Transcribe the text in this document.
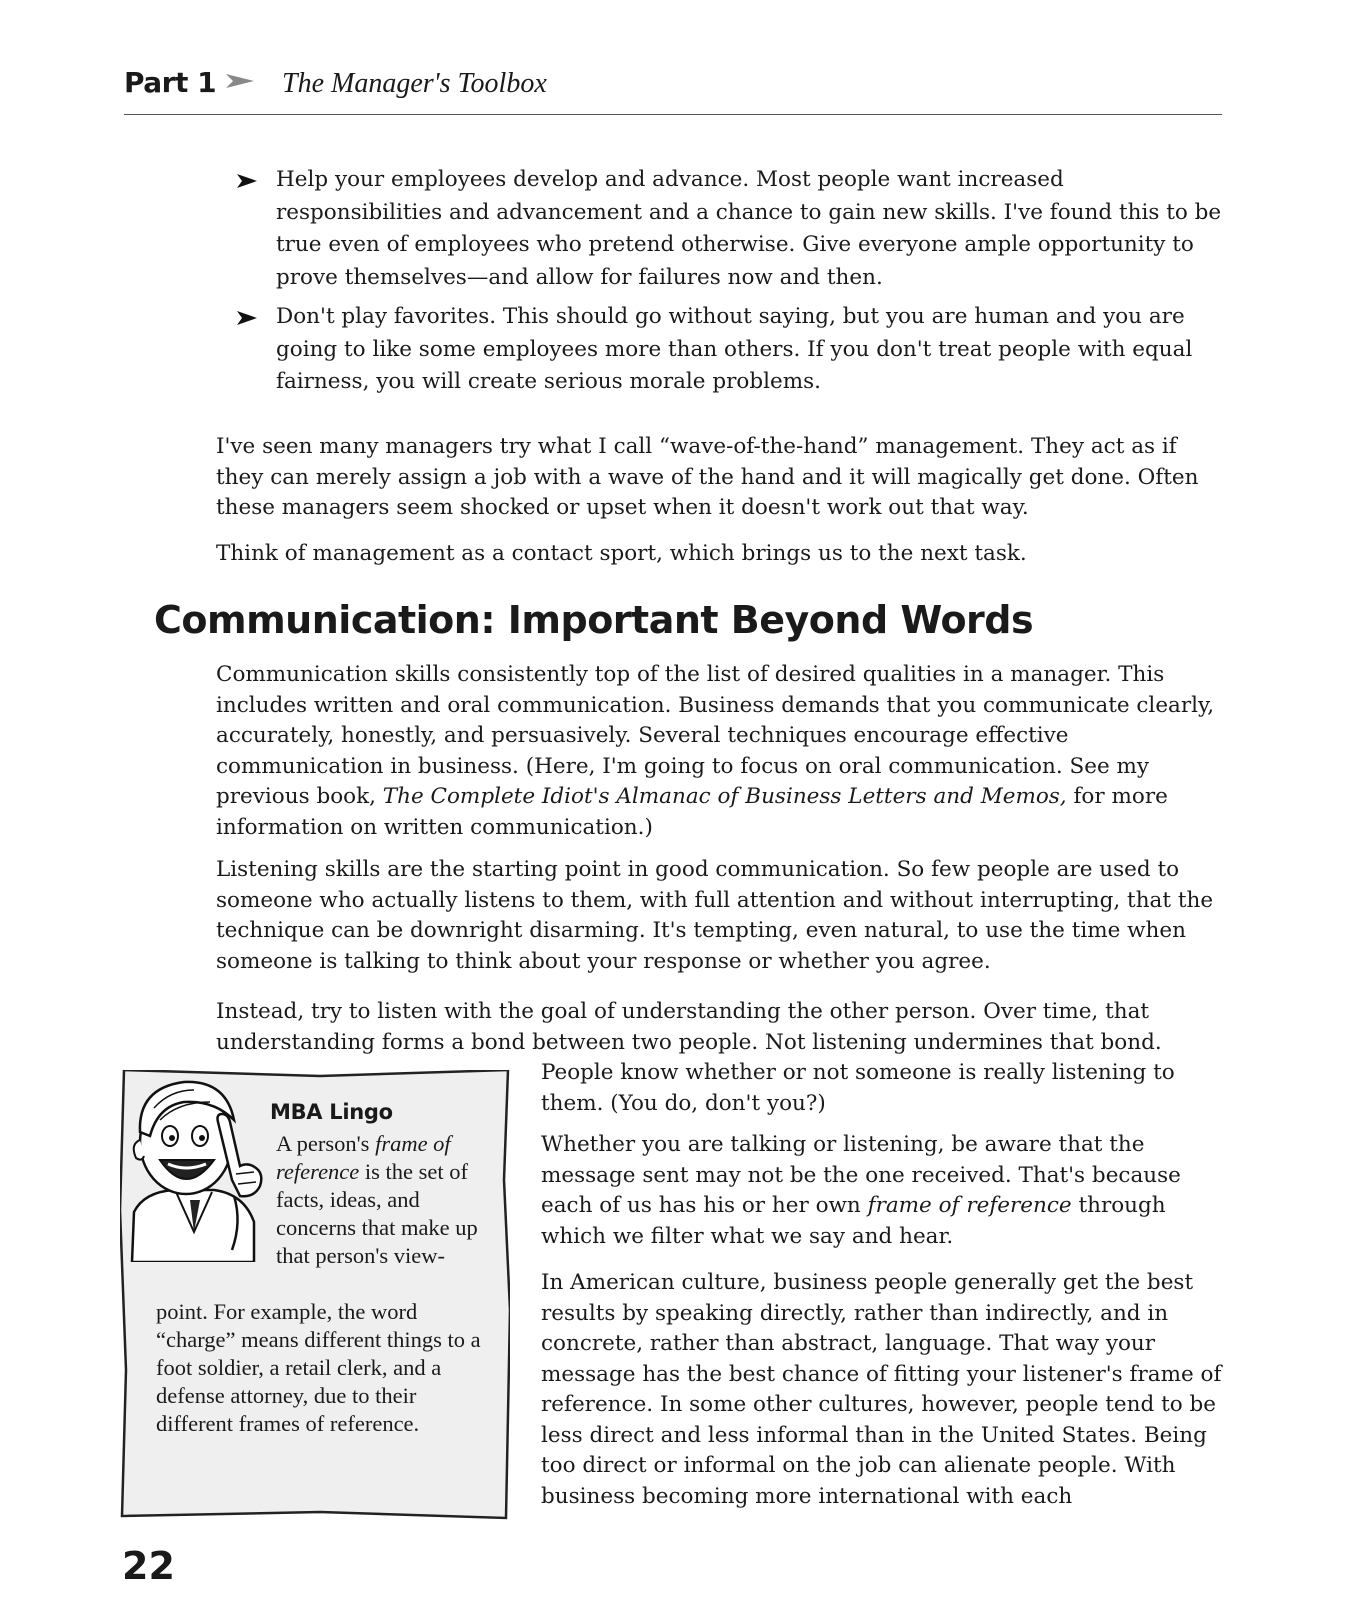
Part 1 The Manager's Toolbox
Help your employees develop and advance. Most people want increased responsibilities and advancement and a chance to gain new skills. I've found this to be true even of employees who pretend otherwise. Give everyone ample opportunity to prove themselves—and allow for failures now and then.
Don't play favorites. This should go without saying, but you are human and you are going to like some employees more than others. If you don't treat people with equal fairness, you will create serious morale problems.

I've seen many managers try what I call “wave-of-the-hand” management. They act as if they can merely assign a job with a wave of the hand and it will magically get done. Often these managers seem shocked or upset when it doesn't work out that way.

Think of management as a contact sport, which brings us to the next task.

Communication: Important Beyond Words

Communication skills consistently top of the list of desired qualities in a manager. This includes written and oral communication. Business demands that you communicate clearly, accurately, honestly, and persuasively. Several techniques encourage effective communication in business. (Here, I'm going to focus on oral communication. See my previous book, The Complete Idiot's Almanac of Business Letters and Memos, for more information on written communication.)

Listening skills are the starting point in good communication. So few people are used to someone who actually listens to them, with full attention and without interrupting, that the technique can be downright disarming. It's tempting, even natural, to use the time when someone is talking to think about your response or whether you agree.

Instead, try to listen with the goal of understanding the other person. Over time, that understanding forms a bond between two people. Not listening undermines that bond.

People know whether or not someone is really listening to them. (You do, don't you?)

Whether you are talking or listening, be aware that the message sent may not be the one received. That's because each of us has his or her own frame of reference through which we filter what we say and hear.

In American culture, business people generally get the best results by speaking directly, rather than indirectly, and in concrete, rather than abstract, language. That way your message has the best chance of fitting your listener's frame of reference. In some other cultures, however, people tend to be less direct and less informal than in the United States. Being too direct or informal on the job can alienate people. With business becoming more international with each

MBA Lingo

A person's frame of reference is the set of facts, ideas, and concerns that make up that person's view-

point. For example, the word “charge” means different things to a foot soldier, a retail clerk, and a defense attorney, due to their different frames of reference.

22
